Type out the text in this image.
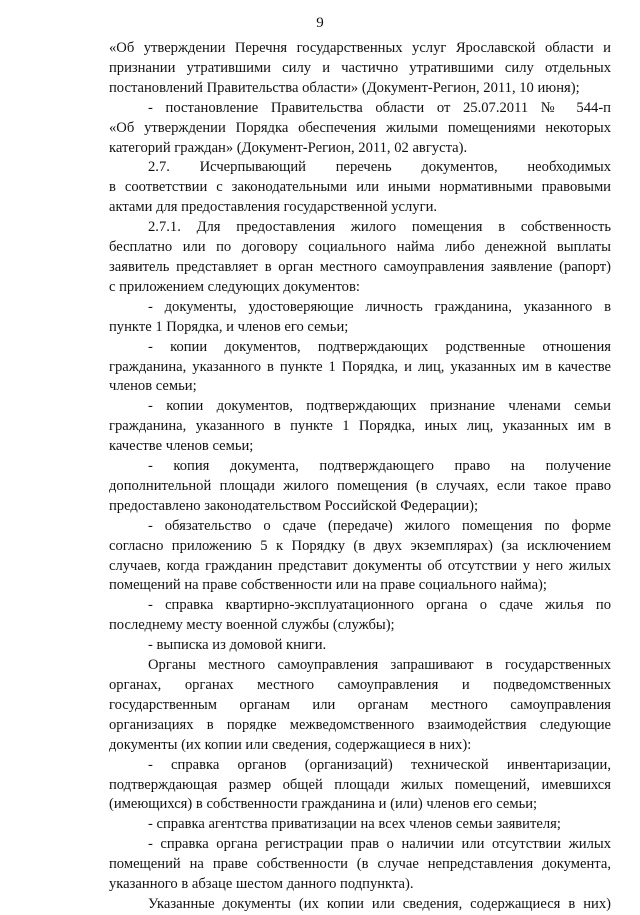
9

«Об утверждении Перечня государственных услуг Ярославской области и

признании утратившими силу и частично утратившими силу отдельных

постановлений Правительства области» (Документ-Регион, 2011, 10 июня);

- постановление Правительства области от 25.07.2011 № 544-п

«Об утверждении Порядка обеспечения жилыми помещениями некоторых

категорий граждан» (Документ-Регион, 2011, 02 августа).

2.7. Исчерпывающий перечень документов, необходимых

в соответствии с законодательными или иными нормативными правовыми

актами для предоставления государственной услуги.

2.7.1. Для предоставления жилого помещения в собственность

бесплатно или по договору социального найма либо денежной выплаты

заявитель представляет в орган местного самоуправления заявление (рапорт)

с приложением следующих документов:

- документы, удостоверяющие личность гражданина, указанного в

пункте 1 Порядка, и членов его семьи;

- копии документов, подтверждающих родственные отношения

гражданина, указанного в пункте 1 Порядка, и лиц, указанных им в качестве

членов семьи;

- копии документов, подтверждающих признание членами семьи

гражданина, указанного в пункте 1 Порядка, иных лиц, указанных им в

качестве членов семьи;

- копия документа, подтверждающего право на получение

дополнительной площади жилого помещения (в случаях, если такое право

предоставлено законодательством Российской Федерации);

- обязательство о сдаче (передаче) жилого помещения по форме

согласно приложению 5 к Порядку (в двух экземплярах) (за исключением

случаев, когда гражданин представит документы об отсутствии у него жилых

помещений на праве собственности или на праве социального найма);

- справка квартирно-эксплуатационного органа о сдаче жилья по

последнему месту военной службы (службы);

- выписка из домовой книги.

Органы местного самоуправления запрашивают в государственных

органах, органах местного самоуправления и подведомственных

государственным органам или органам местного самоуправления

организациях в порядке межведомственного взаимодействия следующие

документы (их копии или сведения, содержащиеся в них):

- справка органов (организаций) технической инвентаризации,

подтверждающая размер общей площади жилых помещений, имевшихся

(имеющихся) в собственности гражданина и (или) членов его семьи;

- справка агентства приватизации на всех членов семьи заявителя;

- справка органа регистрации прав о наличии или отсутствии жилых

помещений на праве собственности (в случае непредставления документа,

указанного в абзаце шестом данного подпункта).

Указанные документы (их копии или сведения, содержащиеся в них)
